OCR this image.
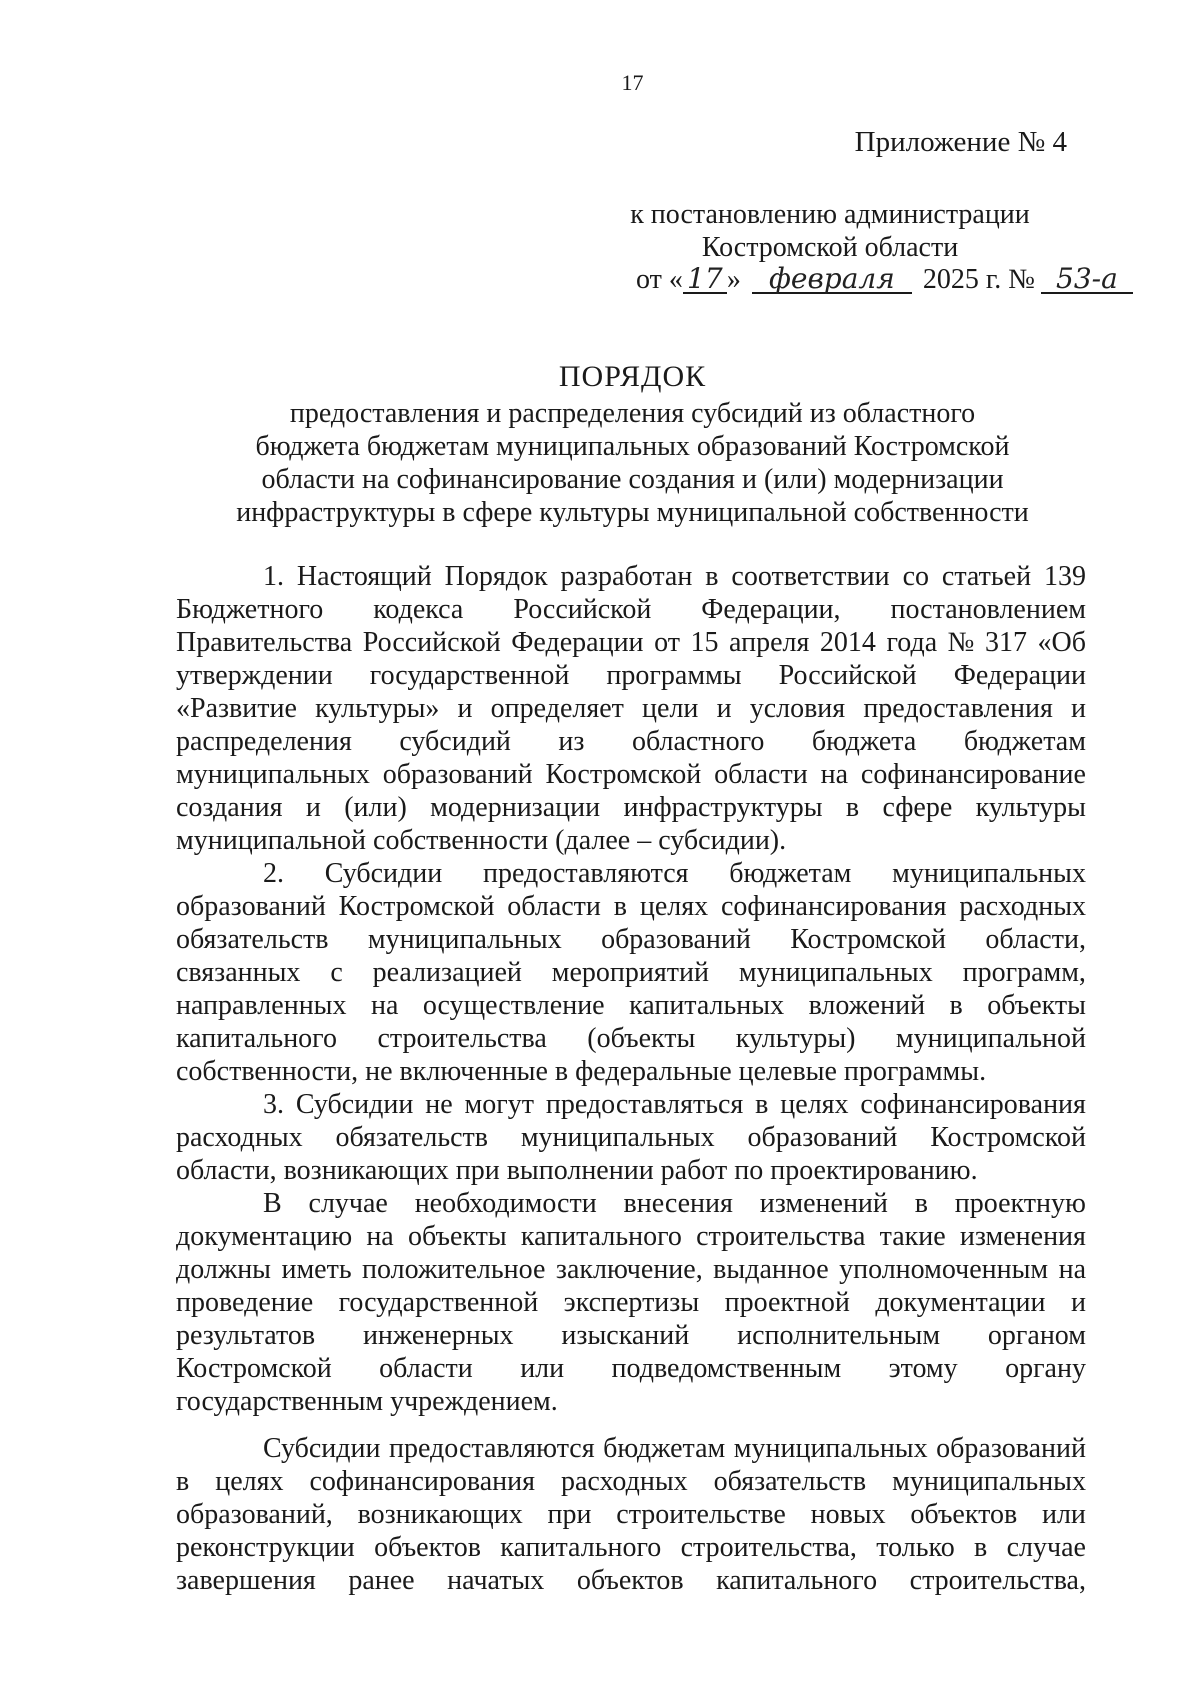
17
Приложение № 4
к постановлению администрации
Костромской области
от « 17 » февраля 2025 г. № 53-а
ПОРЯДОК
предоставления и распределения субсидий из областного
бюджета бюджетам муниципальных образований Костромской
области на софинансирование создания и (или) модернизации
инфраструктуры в сфере культуры муниципальной собственности
1. Настоящий Порядок разработан в соответствии со статьей 139
Бюджетного кодекса Российской Федерации, постановлением
Правительства Российской Федерации от 15 апреля 2014 года № 317 «Об
утверждении государственной программы Российской Федерации
«Развитие культуры» и определяет цели и условия предоставления и
распределения субсидий из областного бюджета бюджетам
муниципальных образований Костромской области на софинансирование
создания и (или) модернизации инфраструктуры в сфере культуры
муниципальной собственности (далее – субсидии).
2. Субсидии предоставляются бюджетам муниципальных
образований Костромской области в целях софинансирования расходных
обязательств муниципальных образований Костромской области,
связанных с реализацией мероприятий муниципальных программ,
направленных на осуществление капитальных вложений в объекты
капитального строительства (объекты культуры) муниципальной
собственности, не включенные в федеральные целевые программы.
3. Субсидии не могут предоставляться в целях софинансирования
расходных обязательств муниципальных образований Костромской
области, возникающих при выполнении работ по проектированию.
В случае необходимости внесения изменений в проектную
документацию на объекты капитального строительства такие изменения
должны иметь положительное заключение, выданное уполномоченным на
проведение государственной экспертизы проектной документации и
результатов инженерных изысканий исполнительным органом
Костромской области или подведомственным этому органу
государственным учреждением.
Субсидии предоставляются бюджетам муниципальных образований
в целях софинансирования расходных обязательств муниципальных
образований, возникающих при строительстве новых объектов или
реконструкции объектов капитального строительства, только в случае
завершения ранее начатых объектов капитального строительства,
